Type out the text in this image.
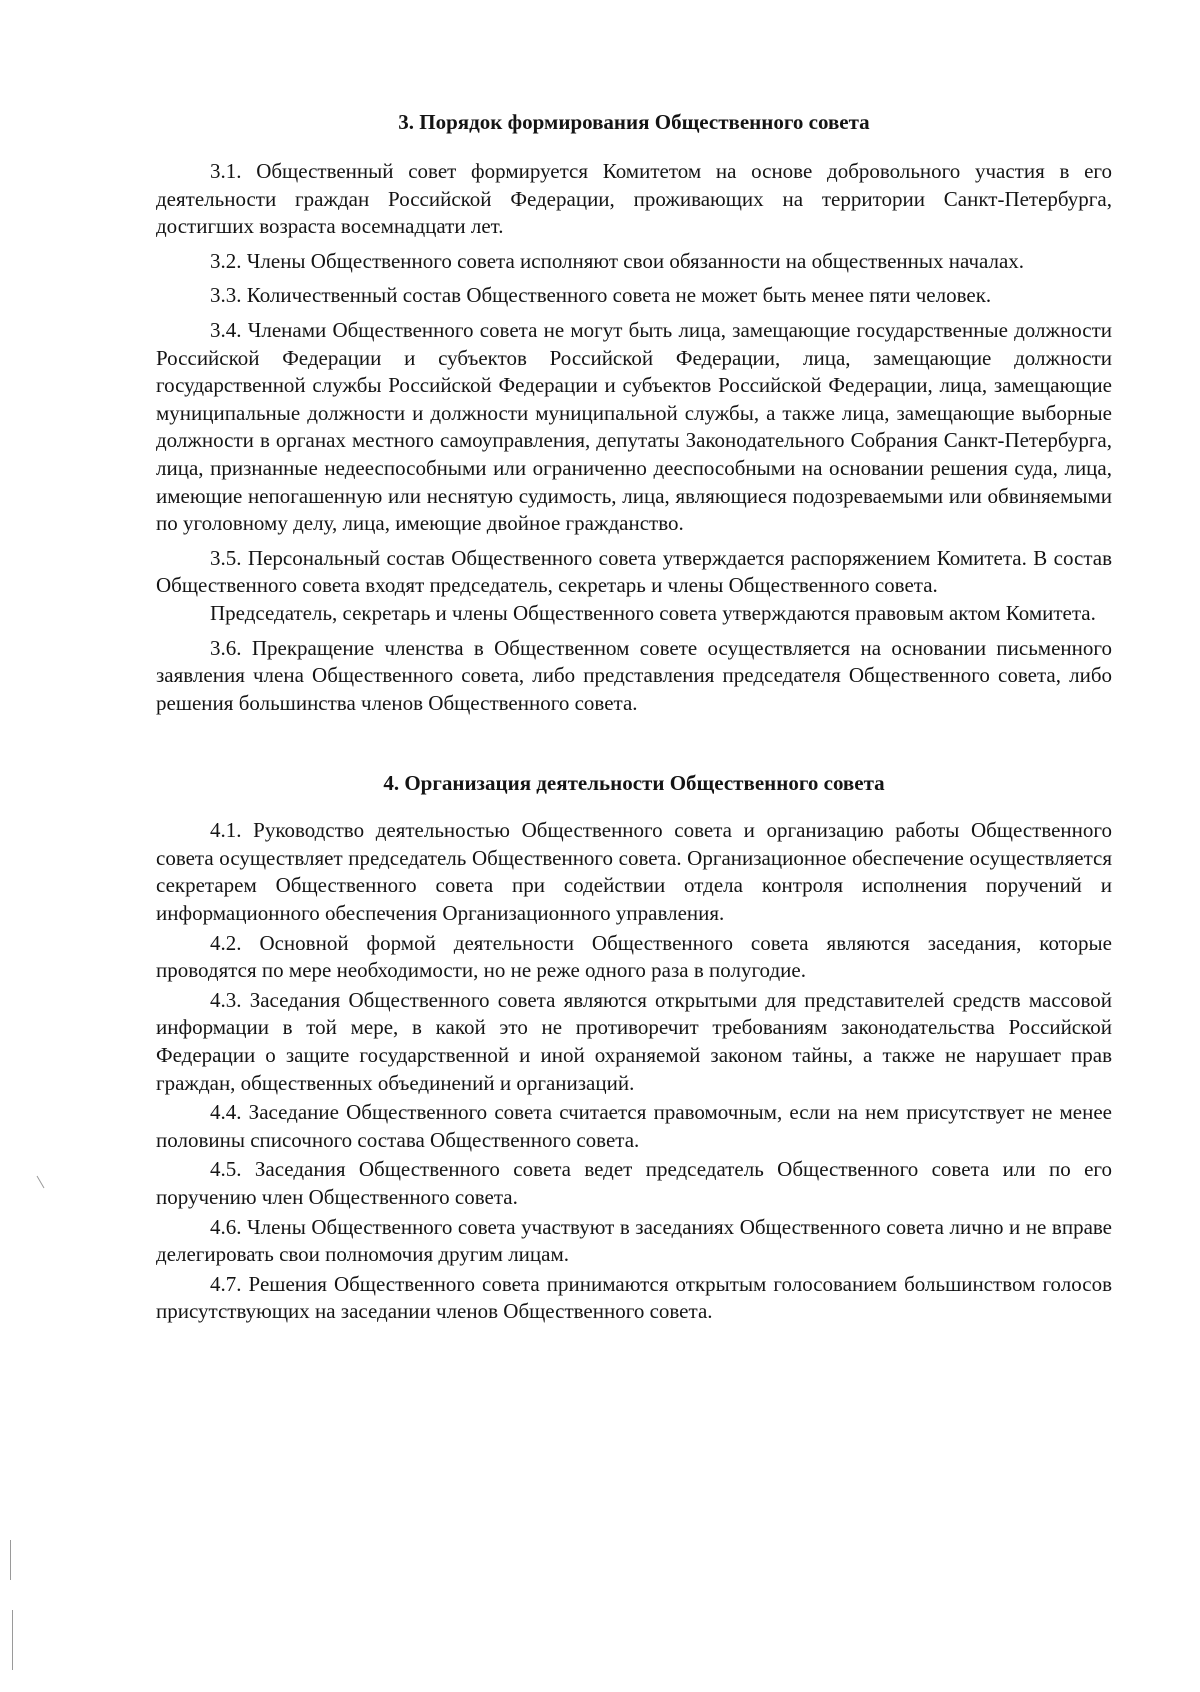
3. Порядок формирования Общественного совета

3.1. Общественный совет формируется Комитетом на основе добровольного участия в его деятельности граждан Российской Федерации, проживающих на территории Санкт-Петербурга, достигших возраста восемнадцати лет.

3.2. Члены Общественного совета исполняют свои обязанности на общественных началах.

3.3. Количественный состав Общественного совета не может быть менее пяти человек.

3.4. Членами Общественного совета не могут быть лица, замещающие государственные должности Российской Федерации и субъектов Российской Федерации, лица, замещающие должности государственной службы Российской Федерации и субъектов Российской Федерации, лица, замещающие муниципальные должности и должности муниципальной службы, а также лица, замещающие выборные должности в органах местного самоуправления, депутаты Законодательного Собрания Санкт-Петербурга, лица, признанные недееспособными или ограниченно дееспособными на основании решения суда, лица, имеющие непогашенную или неснятую судимость, лица, являющиеся подозреваемыми или обвиняемыми по уголовному делу, лица, имеющие двойное гражданство.

3.5. Персональный состав Общественного совета утверждается распоряжением Комитета. В состав Общественного совета входят председатель, секретарь и члены Общественного совета.

Председатель, секретарь и члены Общественного совета утверждаются правовым актом Комитета.

3.6. Прекращение членства в Общественном совете осуществляется на основании письменного заявления члена Общественного совета, либо представления председателя Общественного совета, либо решения большинства членов Общественного совета.

4. Организация деятельности Общественного совета

4.1. Руководство деятельностью Общественного совета и организацию работы Общественного совета осуществляет председатель Общественного совета. Организационное обеспечение осуществляется секретарем Общественного совета при содействии отдела контроля исполнения поручений и информационного обеспечения Организационного управления.

4.2. Основной формой деятельности Общественного совета являются заседания, которые проводятся по мере необходимости, но не реже одного раза в полугодие.

4.3. Заседания Общественного совета являются открытыми для представителей средств массовой информации в той мере, в какой это не противоречит требованиям законодательства Российской Федерации о защите государственной и иной охраняемой законом тайны, а также не нарушает прав граждан, общественных объединений и организаций.

4.4. Заседание Общественного совета считается правомочным, если на нем присутствует не менее половины списочного состава Общественного совета.

4.5. Заседания Общественного совета ведет председатель Общественного совета или по его поручению член Общественного совета.

4.6. Члены Общественного совета участвуют в заседаниях Общественного совета лично и не вправе делегировать свои полномочия другим лицам.

4.7. Решения Общественного совета принимаются открытым голосованием большинством голосов присутствующих на заседании членов Общественного совета.
